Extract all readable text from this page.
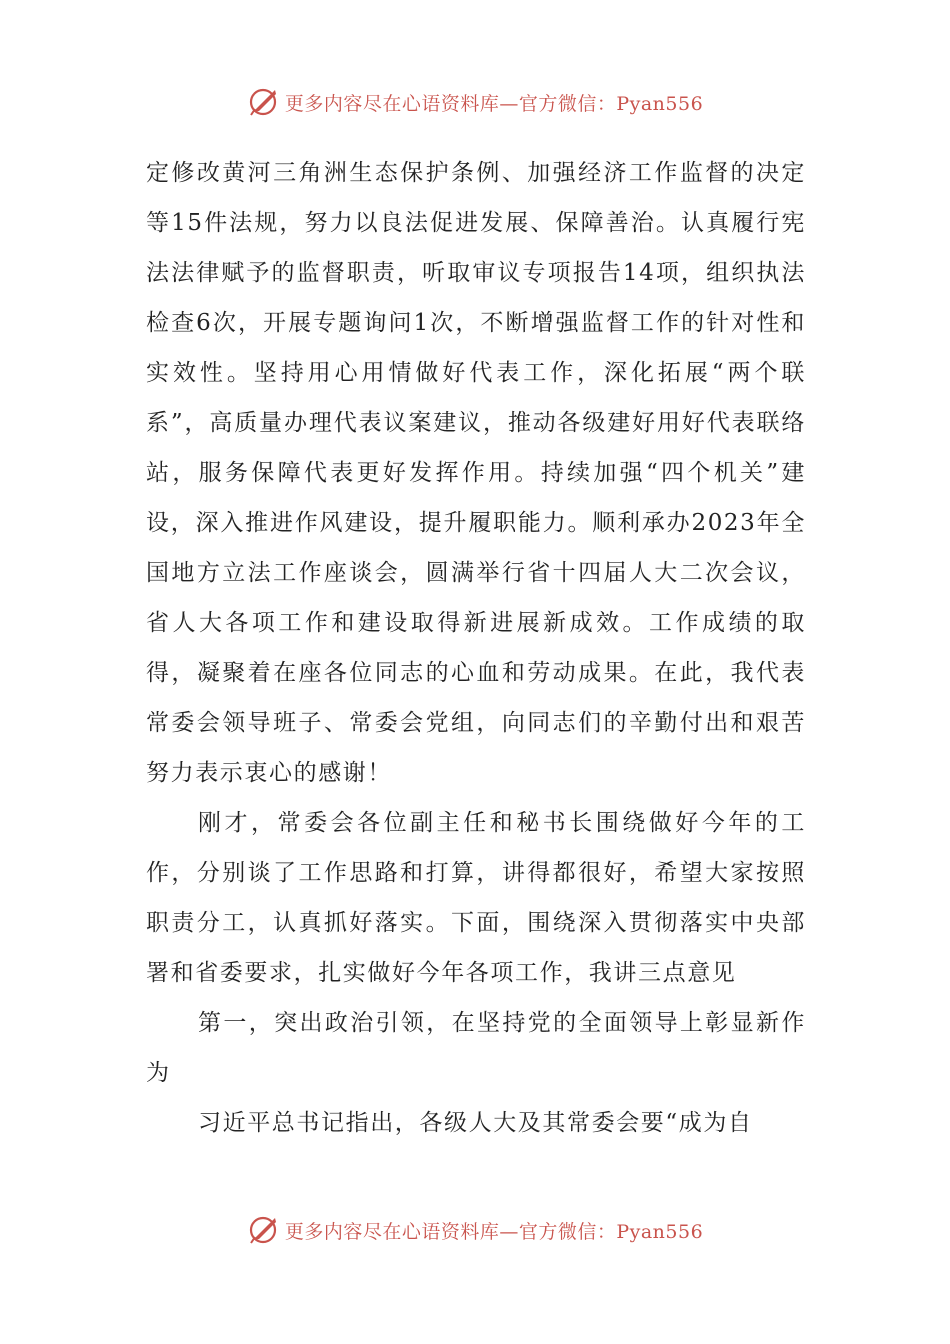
更多内容尽在心语资料库—官方微信：Pyan556

定修改黄河三角洲生态保护条例、加强经济工作监督的决定等15件法规，努力以良法促进发展、保障善治。认真履行宪法法律赋予的监督职责，听取审议专项报告14项，组织执法检查6次，开展专题询问1次，不断增强监督工作的针对性和实效性。坚持用心用情做好代表工作，深化拓展“两个联系”，高质量办理代表议案建议，推动各级建好用好代表联络站，服务保障代表更好发挥作用。持续加强“四个机关”建设，深入推进作风建设，提升履职能力。顺利承办2023年全国地方立法工作座谈会，圆满举行省十四届人大二次会议，省人大各项工作和建设取得新进展新成效。工作成绩的取得，凝聚着在座各位同志的心血和劳动成果。在此，我代表常委会领导班子、常委会党组，向同志们的辛勤付出和艰苦努力表示衷心的感谢！

刚才，常委会各位副主任和秘书长围绕做好今年的工作，分别谈了工作思路和打算，讲得都很好，希望大家按照职责分工，认真抓好落实。下面，围绕深入贯彻落实中央部署和省委要求，扎实做好今年各项工作，我讲三点意见

第一，突出政治引领，在坚持党的全面领导上彰显新作为

习近平总书记指出，各级人大及其常委会要“成为自

更多内容尽在心语资料库—官方微信：Pyan556
